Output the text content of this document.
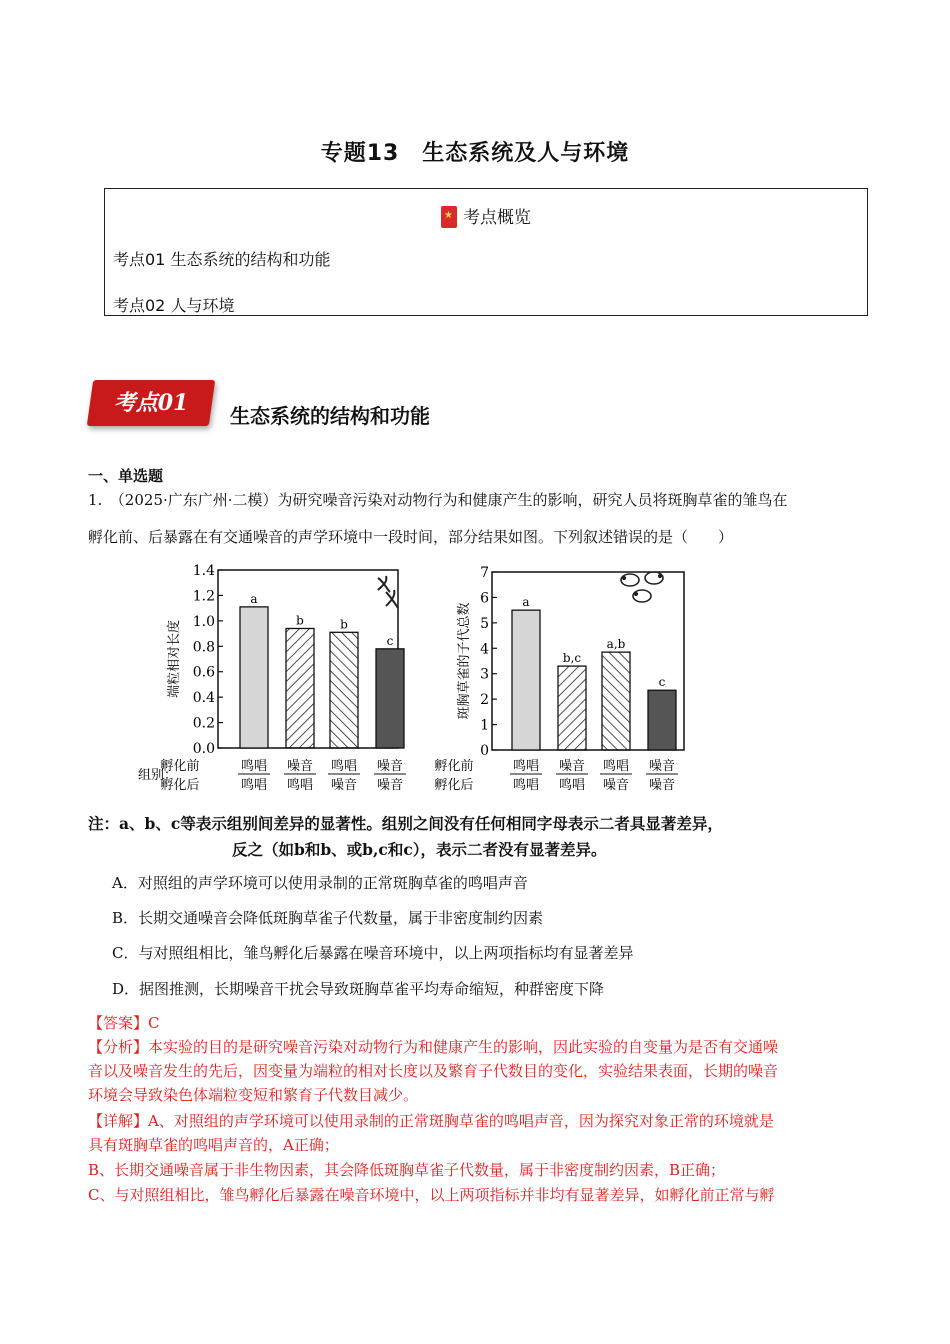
专题13　生态系统及人与环境
★考点概览
考点01 生态系统的结构和功能
考点02 人与环境
考点01	生态系统的结构和功能
一、单选题
1.　（2025·广东广州·二模）为研究噪音污染对动物行为和健康产生的影响，研究人员将斑胸草雀的雏鸟在
孵化前、后暴露在有交通噪音的声学环境中一段时间，部分结果如图。下列叙述错误的是（　　）
0.0
0.2
0.4
0.6
0.8
1.0
1.2
1.4
端粒相对长度
a
b	b
c
鸣唱
鸣唱
噪音
鸣唱
鸣唱
噪音
噪音
噪音
孵化前
孵化后
0
1
2
3
4
5
6
7
斑胸草雀的子代总数
a
b,c
a,b
c
鸣唱
鸣唱
噪音
鸣唱
鸣唱
噪音
噪音
噪音
孵化前
孵化后
组别：
注：a、b、c等表示组别间差异的显著性。组别之间没有任何相同字母表示二者具显著差异，
反之（如b和b、或b,c和c），表示二者没有显著差异。
A．对照组的声学环境可以使用录制的正常斑胸草雀的鸣唱声音
B．长期交通噪音会降低斑胸草雀子代数量，属于非密度制约因素
C．与对照组相比，雏鸟孵化后暴露在噪音环境中，以上两项指标均有显著差异
D．据图推测，长期噪音干扰会导致斑胸草雀平均寿命缩短，种群密度下降
【答案】C
【分析】本实验的目的是研究噪音污染对动物行为和健康产生的影响，因此实验的自变量为是否有交通噪
音以及噪音发生的先后，因变量为端粒的相对长度以及繁育子代数目的变化，实验结果表面，长期的噪音
环境会导致染色体端粒变短和繁育子代数目减少。
【详解】A、对照组的声学环境可以使用录制的正常斑胸草雀的鸣唱声音，因为探究对象正常的环境就是
具有斑胸草雀的鸣唱声音的，A正确；
B、长期交通噪音属于非生物因素，其会降低斑胸草雀子代数量，属于非密度制约因素，B正确；
C、与对照组相比，雏鸟孵化后暴露在噪音环境中，以上两项指标并非均有显著差异，如孵化前正常与孵
